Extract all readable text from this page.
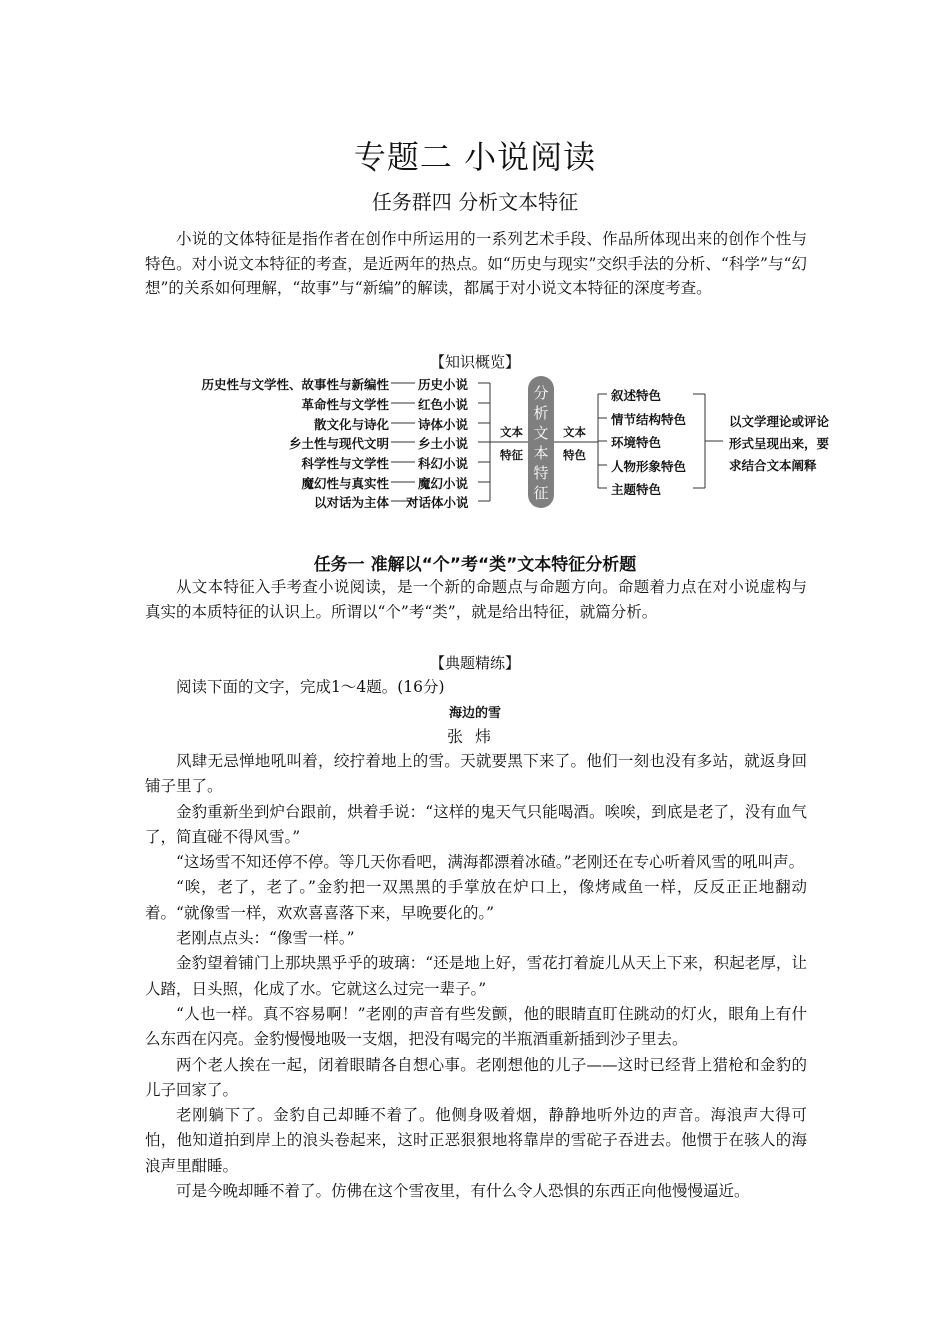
专题二 小说阅读
任务群四 分析文本特征

小说的文体特征是指作者在创作中所运用的一系列艺术手段、作品所体现出来的创作个性与特色。对小说文本特征的考查，是近两年的热点。如“历史与现实”交织手法的分析、“科学”与“幻想”的关系如何理解，“故事”与“新编”的解读，都属于对小说文本特征的深度考查。

【知识概览】
历史性与文学性、故事性与新编性
革命性与文学性
散文化与诗化
乡土性与现代文明
科学性与文学性
魔幻性与真实性
以对话为主体
历史小说
红色小说
诗体小说
乡土小说
科幻小说
魔幻小说
对话体小说
文本
特征
分
析
文
本
特
征
文本
特色
叙述特色
情节结构特色
环境特色
人物形象特色
主题特色
以文学理论或评论
形式呈现出来，要
求结合文本阐释
任务一 准解以“个”考“类”文本特征分析题

从文本特征入手考查小说阅读，是一个新的命题点与命题方向。命题着力点在对小说虚构与真实的本质特征的认识上。所谓以“个”考“类”，就是给出特征，就篇分析。

【典题精练】

阅读下面的文字，完成1～4题。(16分)

海边的雪
张炜

风肆无忌惮地吼叫着，绞拧着地上的雪。天就要黑下来了。他们一刻也没有多站，就返身回铺子里了。

金豹重新坐到炉台跟前，烘着手说：“这样的鬼天气只能喝酒。唉唉，到底是老了，没有血气了，简直碰不得风雪。”

“这场雪不知还停不停。等几天你看吧，满海都漂着冰碴。”老刚还在专心听着风雪的吼叫声。

“唉，老了，老了。”金豹把一双黑黑的手掌放在炉口上，像烤咸鱼一样，反反正正地翻动着。“就像雪一样，欢欢喜喜落下来，早晚要化的。”

老刚点点头：“像雪一样。”

金豹望着铺门上那块黑乎乎的玻璃：“还是地上好，雪花打着旋儿从天上下来，积起老厚，让人踏，日头照，化成了水。它就这么过完一辈子。”

“人也一样。真不容易啊！”老刚的声音有些发颤，他的眼睛直盯住跳动的灯火，眼角上有什么东西在闪亮。金豹慢慢地吸一支烟，把没有喝完的半瓶酒重新插到沙子里去。

两个老人挨在一起，闭着眼睛各自想心事。老刚想他的儿子——这时已经背上猎枪和金豹的儿子回家了。

老刚躺下了。金豹自己却睡不着了。他侧身吸着烟，静静地听外边的声音。海浪声大得可怕，他知道拍到岸上的浪头卷起来，这时正恶狠狠地将靠岸的雪砣子吞进去。他惯于在骇人的海浪声里酣睡。

可是今晚却睡不着了。仿佛在这个雪夜里，有什么令人恐惧的东西正向他慢慢逼近。
